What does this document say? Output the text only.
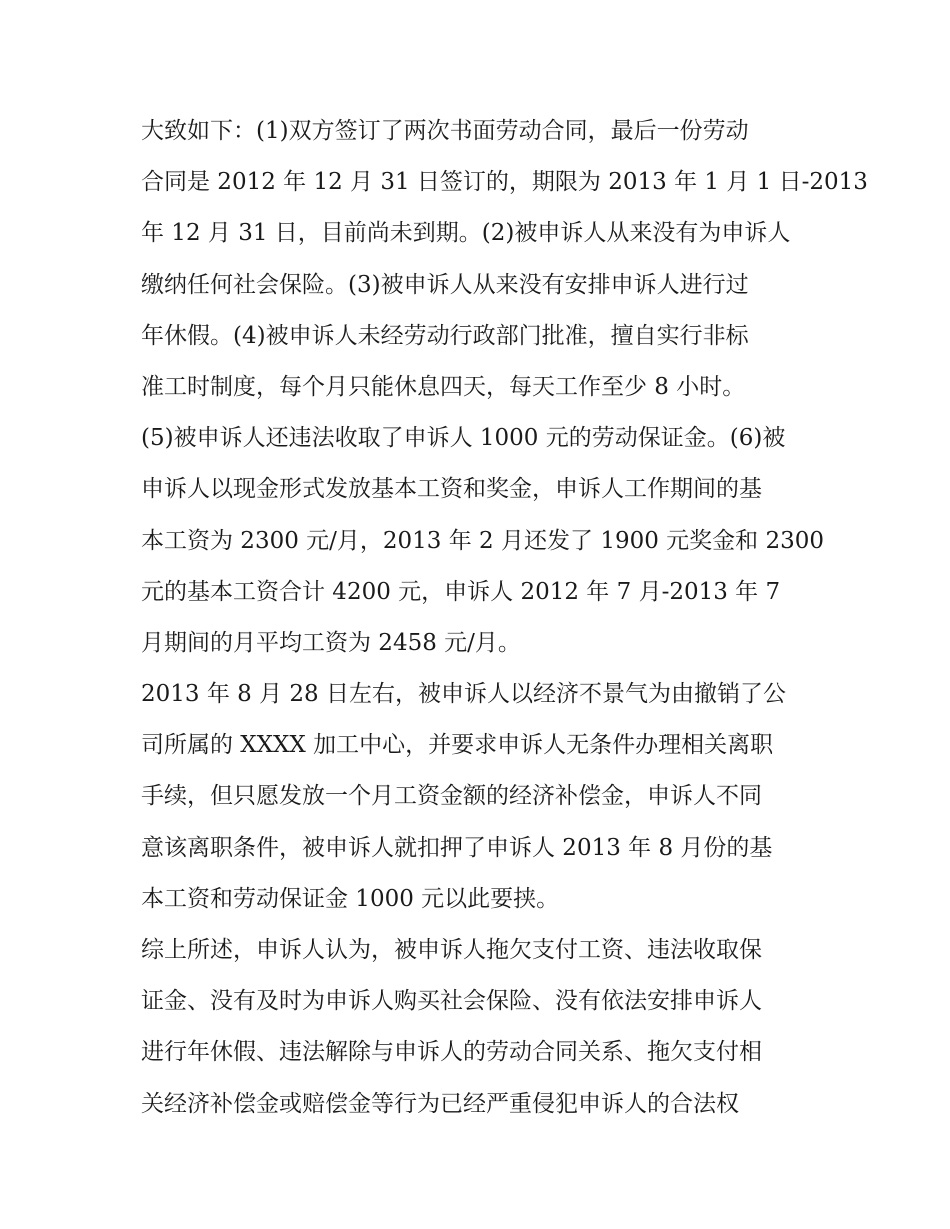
大致如下：(1)双方签订了两次书面劳动合同，最后一份劳动
合同是 2012 年 12 月 31 日签订的，期限为 2013 年 1 月 1 日-2013
年 12 月 31 日，目前尚未到期。(2)被申诉人从来没有为申诉人
缴纳任何社会保险。(3)被申诉人从来没有安排申诉人进行过
年休假。(4)被申诉人未经劳动行政部门批准，擅自实行非标
准工时制度，每个月只能休息四天，每天工作至少 8 小时。
(5)被申诉人还违法收取了申诉人 1000 元的劳动保证金。(6)被
申诉人以现金形式发放基本工资和奖金，申诉人工作期间的基
本工资为 2300 元/月，2013 年 2 月还发了 1900 元奖金和 2300
元的基本工资合计 4200 元，申诉人 2012 年 7 月-2013 年 7
月期间的月平均工资为 2458 元/月。
2013 年 8 月 28 日左右，被申诉人以经济不景气为由撤销了公
司所属的 XXXX 加工中心，并要求申诉人无条件办理相关离职
手续，但只愿发放一个月工资金额的经济补偿金，申诉人不同
意该离职条件，被申诉人就扣押了申诉人 2013 年 8 月份的基
本工资和劳动保证金 1000 元以此要挟。
综上所述，申诉人认为，被申诉人拖欠支付工资、违法收取保
证金、没有及时为申诉人购买社会保险、没有依法安排申诉人
进行年休假、违法解除与申诉人的劳动合同关系、拖欠支付相
关经济补偿金或赔偿金等行为已经严重侵犯申诉人的合法权
